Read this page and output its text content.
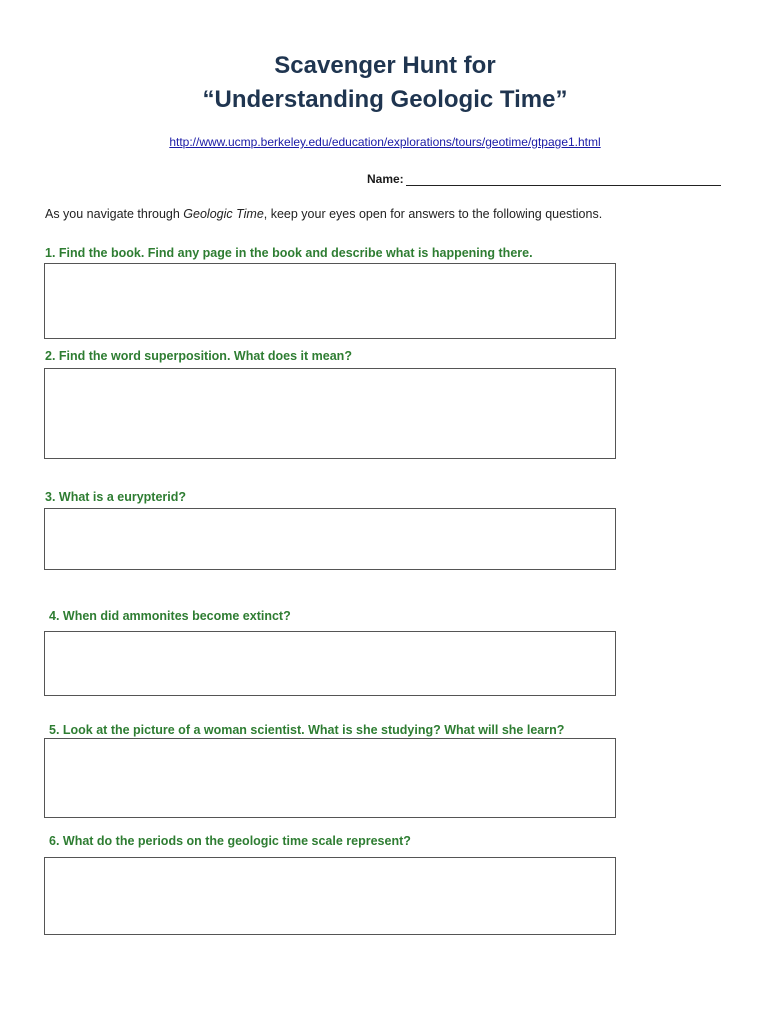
Scavenger Hunt for
“Understanding Geologic Time”
http://www.ucmp.berkeley.edu/education/explorations/tours/geotime/gtpage1.html
Name:
As you navigate through Geologic Time, keep your eyes open for answers to the following questions.
1. Find the book. Find any page in the book and describe what is happening there.
2. Find the word superposition. What does it mean?
3. What is a eurypterid?
4. When did ammonites become extinct?
5. Look at the picture of a woman scientist. What is she studying? What will she learn?
6. What do the periods on the geologic time scale represent?
